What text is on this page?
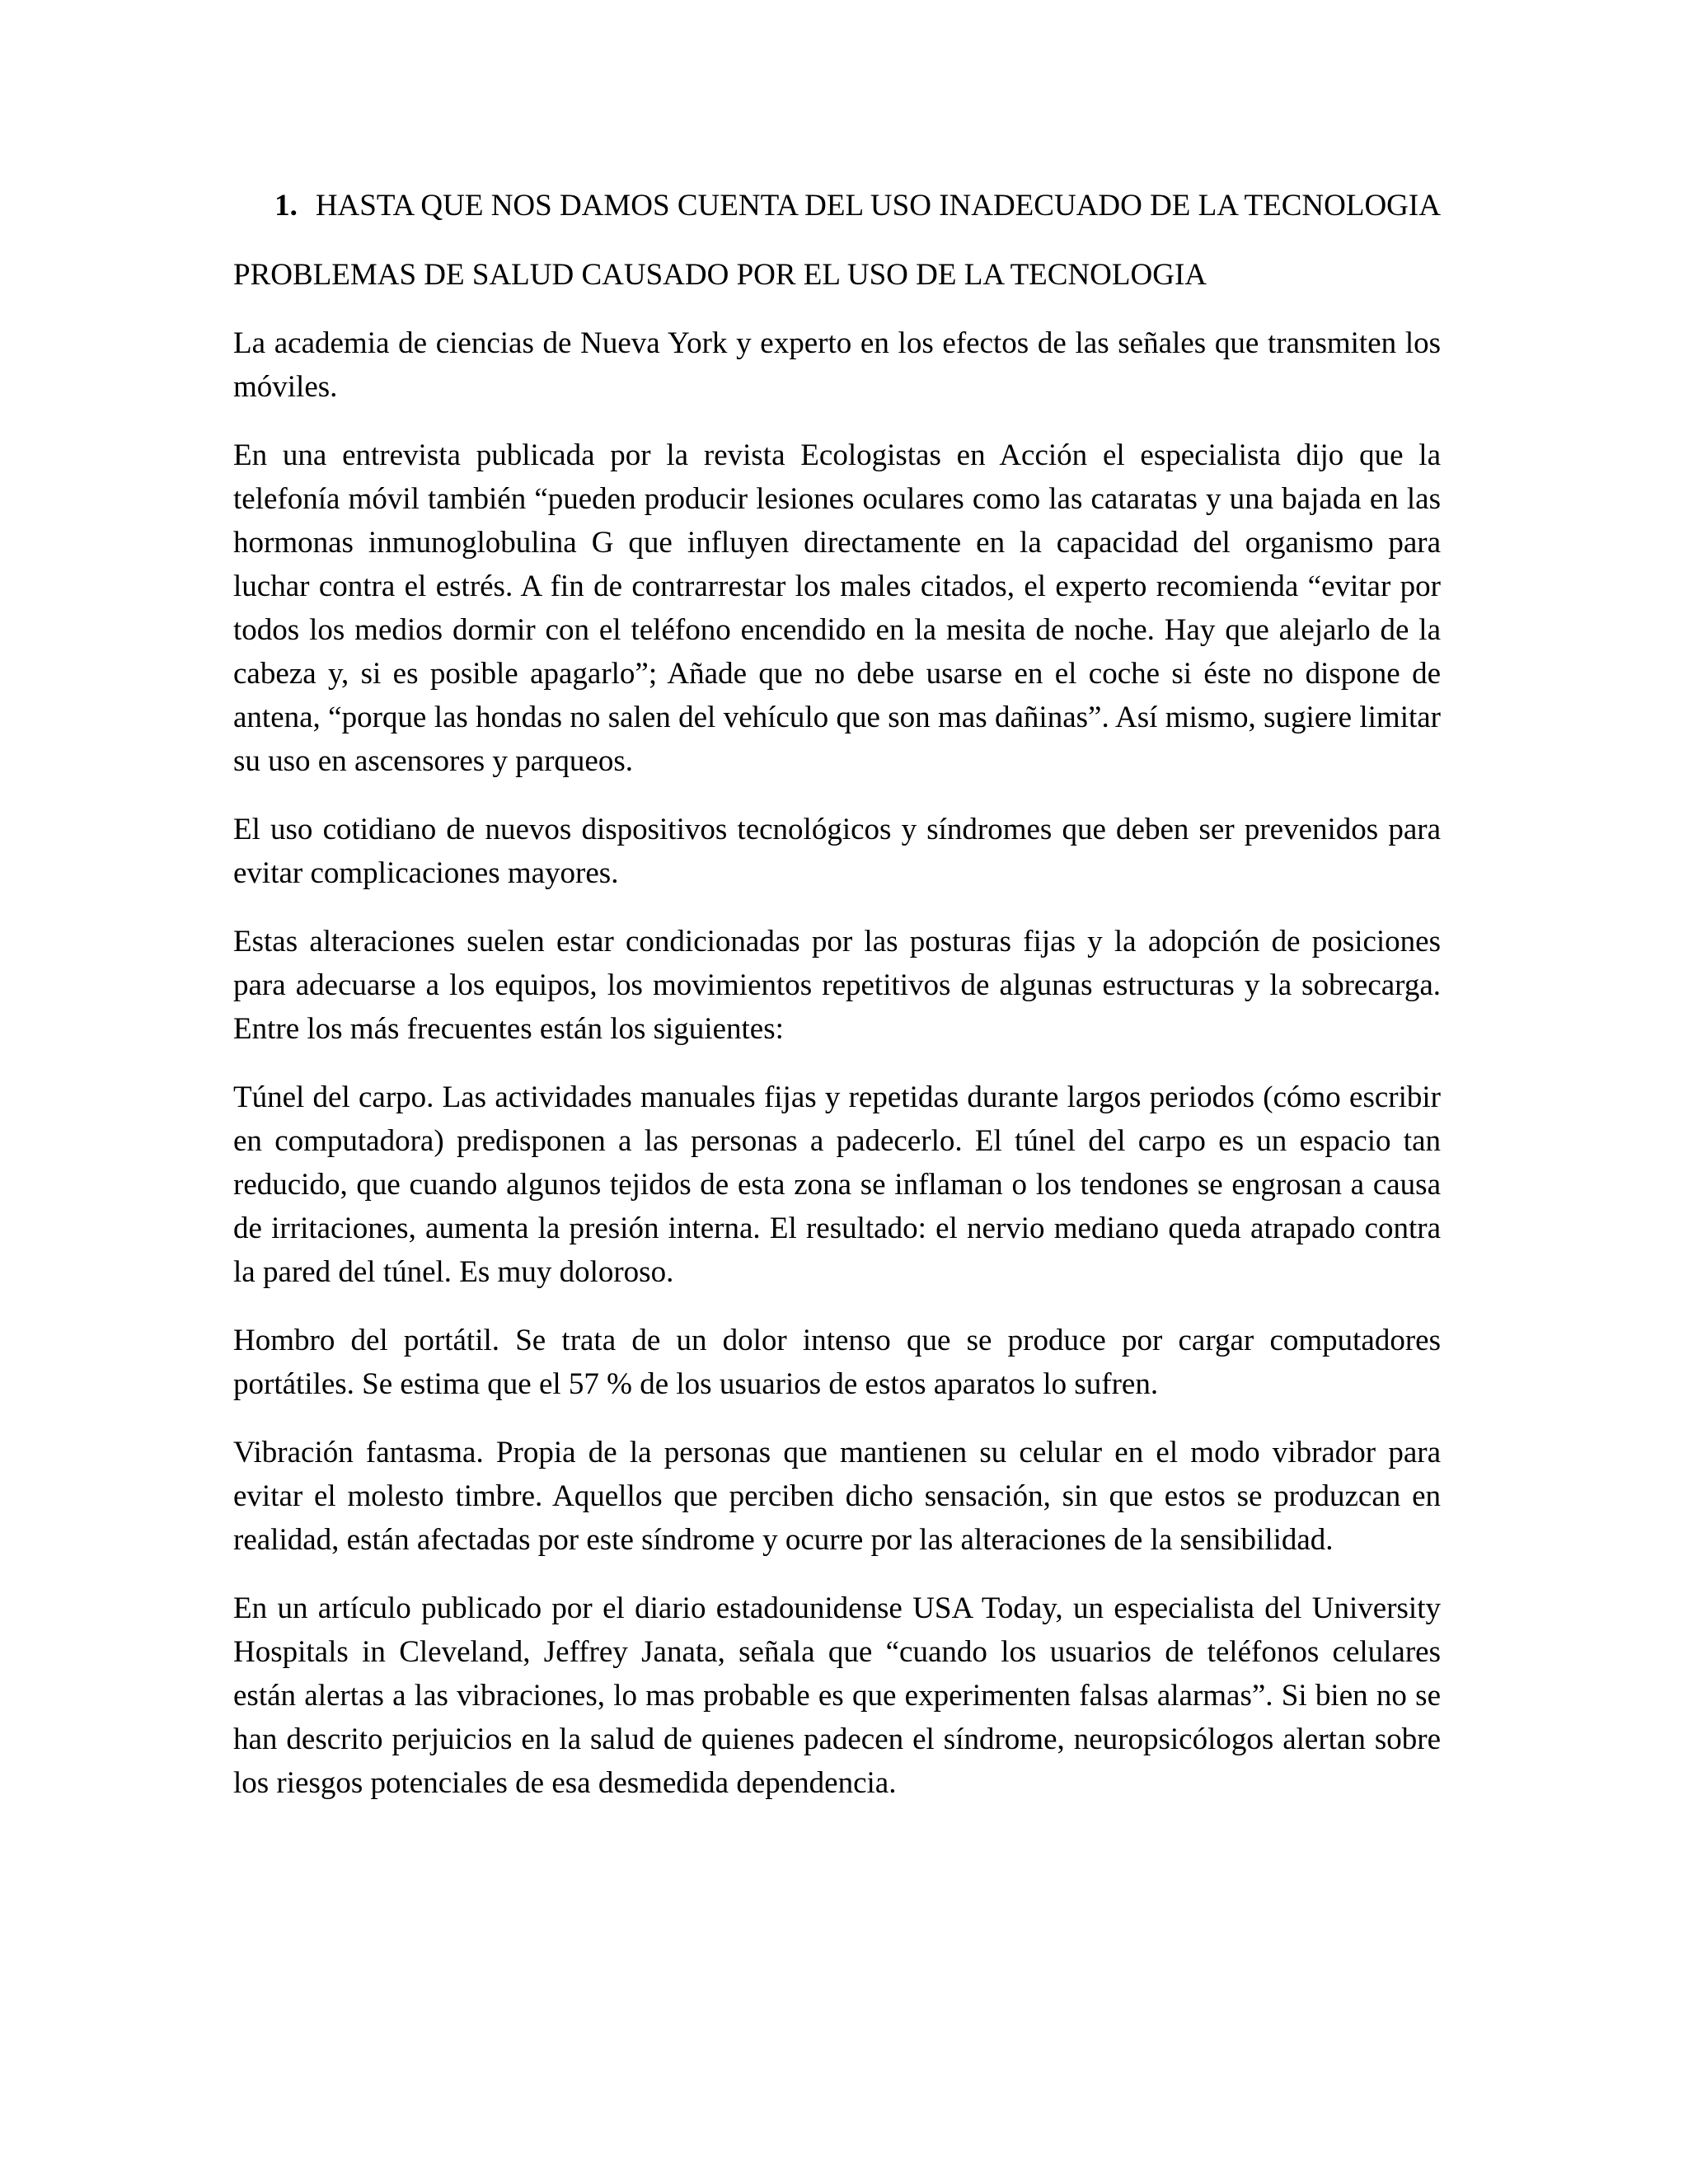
1. HASTA QUE NOS DAMOS CUENTA DEL USO INADECUADO DE LA TECNOLOGIA

PROBLEMAS DE SALUD CAUSADO POR EL USO DE LA TECNOLOGIA

La academia de ciencias de Nueva York y experto en los efectos de las señales que transmiten los móviles.

En una entrevista publicada por la revista Ecologistas en Acción el especialista dijo que la telefonía móvil también “pueden producir lesiones oculares como las cataratas y una bajada en las hormonas inmunoglobulina G que influyen directamente en la capacidad del organismo para luchar contra el estrés. A fin de contrarrestar los males citados, el experto recomienda “evitar por todos los medios dormir con el teléfono encendido en la mesita de noche. Hay que alejarlo de la cabeza y, si es posible apagarlo”; Añade que no debe usarse en el coche si éste no dispone de antena, “porque las hondas no salen del vehículo que son mas dañinas”. Así mismo, sugiere limitar su uso en ascensores y parqueos.

El uso cotidiano de nuevos dispositivos tecnológicos y síndromes que deben ser prevenidos para evitar complicaciones mayores.

Estas alteraciones suelen estar condicionadas por las posturas fijas y la adopción de posiciones para adecuarse a los equipos, los movimientos repetitivos de algunas estructuras y la sobrecarga. Entre los más frecuentes están los siguientes:

Túnel del carpo. Las actividades manuales fijas y repetidas durante largos periodos (cómo escribir en computadora) predisponen a las personas a padecerlo. El túnel del carpo es un espacio tan reducido, que cuando algunos tejidos de esta zona se inflaman o los tendones se engrosan a causa de irritaciones, aumenta la presión interna. El resultado: el nervio mediano queda atrapado contra la pared del túnel. Es muy doloroso.

Hombro del portátil. Se trata de un dolor intenso que se produce por cargar computadores portátiles. Se estima que el 57 % de los usuarios de estos aparatos lo sufren.

Vibración fantasma. Propia de la personas que mantienen su celular en el modo vibrador para evitar el molesto timbre. Aquellos que perciben dicho sensación, sin que estos se produzcan en realidad, están afectadas por este síndrome y ocurre por las alteraciones de la sensibilidad.

En un artículo publicado por el diario estadounidense USA Today, un especialista del University Hospitals in Cleveland, Jeffrey Janata, señala que “cuando los usuarios de teléfonos celulares están alertas a las vibraciones, lo mas probable es que experimenten falsas alarmas”. Si bien no se han descrito perjuicios en la salud de quienes padecen el síndrome, neuropsicólogos alertan sobre los riesgos potenciales de esa desmedida dependencia.
